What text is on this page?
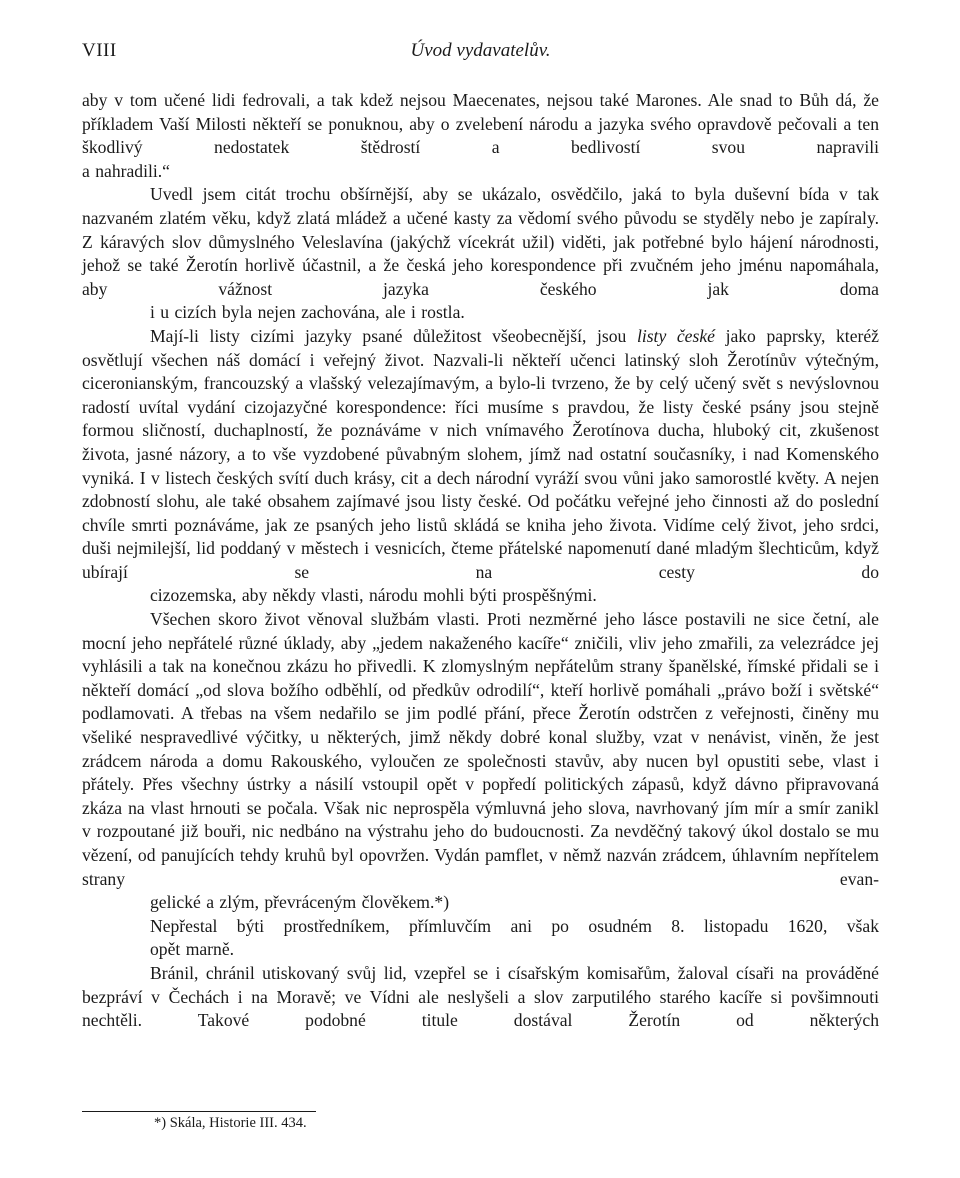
VIII	Úvod vydavatelův.

aby v tom učené lidi fedrovali, a tak kdež nejsou Maecenates, nejsou také Marones. Ale snad to Bůh dá, že příkladem Vaší Milosti někteří se ponuknou, aby o zvelebení národu a jazyka svého opravdově pečovali a ten škodlivý nedostatek štědrostí a bedlivostí svou napravili
a nahradili.“

Uvedl jsem citát trochu obšírnější, aby se ukázalo, osvědčilo, jaká to byla duševní bída v tak nazvaném zlatém věku, když zlatá mládež a učené kasty za vědomí svého původu se styděly nebo je zapíraly. Z káravých slov důmyslného Veleslavína (jakýchž vícekrát užil) viděti, jak potřebné bylo hájení národnosti, jehož se také Žerotín horlivě účastnil, a že česká jeho korespondence při zvučném jeho jménu napomáhala, aby vážnost jazyka českého jak doma
i u cizích byla nejen zachována, ale i rostla.

Mají-li listy cizími jazyky psané důležitost všeobecnější, jsou listy české jako paprsky, kteréž osvětlují všechen náš domácí i veřejný život. Nazvali-li někteří učenci latinský sloh Žerotínův výtečným, ciceronianským, francouzský a vlašský velezajímavým, a bylo-li tvrzeno, že by celý učený svět s nevýslovnou radostí uvítal vydání cizojazyčné korespondence: říci musíme s pravdou, že listy české psány jsou stejně formou sličností, duchaplností, že poznáváme v nich vnímavého Žerotínova ducha, hluboký cit, zkušenost života, jasné názory, a to vše vyzdobené půvabným slohem, jímž nad ostatní současníky, i nad Komenského vyniká. I v listech českých svítí duch krásy, cit a dech národní vyráží svou vůni jako samorostlé květy. A nejen zdobností slohu, ale také obsahem zajímavé jsou listy české. Od počátku veřejné jeho činnosti až do poslední chvíle smrti poznáváme, jak ze psaných jeho listů skládá se kniha jeho života. Vidíme celý život, jeho srdci, duši nejmilejší, lid poddaný v městech i vesnicích, čteme přátelské napomenutí dané mladým šlechticům, když ubírají se na cesty do
cizozemska, aby někdy vlasti, národu mohli býti prospěšnými.

Všechen skoro život věnoval službám vlasti. Proti nezměrné jeho lásce postavili ne sice četní, ale mocní jeho nepřátelé různé úklady, aby „jedem nakaženého kacíře“ zničili, vliv jeho zmařili, za velezrádce jej vyhlásili a tak na konečnou zkázu ho přivedli. K zlomyslným nepřátelům strany španělské, římské přidali se i někteří domácí „od slova božího odběhlí, od předkův odrodilí“, kteří horlivě pomáhali „právo boží i světské“ podlamovati. A třebas na všem nedařilo se jim podlé přání, přece Žerotín odstrčen z veřejnosti, činěny mu všeliké nespravedlivé výčitky, u některých, jimž někdy dobré konal služby, vzat v nenávist, viněn, že jest zrádcem národa a domu Rakouského, vyloučen ze společnosti stavův, aby nucen byl opustiti sebe, vlast i přátely. Přes všechny ústrky a násilí vstoupil opět v popředí politických zápasů, když dávno připravovaná zkáza na vlast hrnouti se počala. Však nic neprospěla výmluvná jeho slova, navrhovaný jím mír a smír zanikl v rozpoutané již bouři, nic nedbáno na výstrahu jeho do budoucnosti. Za nevděčný takový úkol dostalo se mu vězení, od panujících tehdy kruhů byl opovržen. Vydán pamflet, v němž nazván zrádcem, úhlavním nepřítelem strany evan-
gelické a zlým, převráceným člověkem.*)

Nepřestal býti prostředníkem, přímluvčím ani po osudném 8. listopadu 1620, však
opět marně.

Bránil, chránil utiskovaný svůj lid, vzepřel se i císařským komisařům, žaloval císaři na prováděné bezpráví v Čechách i na Moravě; ve Vídni ale neslyšeli a slov zarputilého starého kacíře si povšimnouti nechtěli. Takové podobné titule dostával Žerotín od některých

*) Skála, Historie III. 434.
